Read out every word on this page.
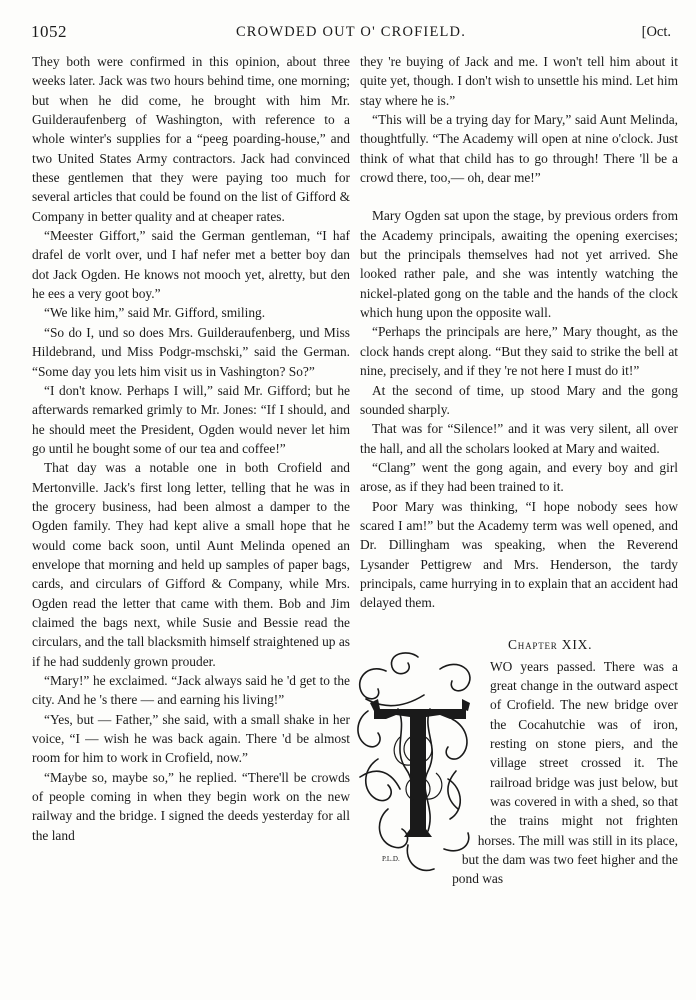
1052	CROWDED OUT O' CROFIELD.	[Oct.

They both were confirmed in this opinion, about three weeks later. Jack was two hours behind time, one morning; but when he did come, he brought with him Mr. Guilderaufenberg of Washington, with reference to a whole winter's supplies for a “peeg poarding-house,” and two United States Army contractors. Jack had convinced these gentlemen that they were paying too much for several articles that could be found on the list of Gifford & Company in better quality and at cheaper rates.

“Meester Giffort,” said the German gentleman, “I haf drafel de vorlt over, und I haf nefer met a better boy dan dot Jack Ogden. He knows not mooch yet, alretty, but den he ees a very goot boy.”

“We like him,” said Mr. Gifford, smiling.

“So do I, und so does Mrs. Guilderaufenberg, und Miss Hildebrand, und Miss Podgr-mschski,” said the German. “Some day you lets him visit us in Vashington? So?”

“I don't know. Perhaps I will,” said Mr. Gifford; but he afterwards remarked grimly to Mr. Jones: “If I should, and he should meet the President, Ogden would never let him go until he bought some of our tea and coffee!”

That day was a notable one in both Crofield and Mertonville. Jack's first long letter, telling that he was in the grocery business, had been almost a damper to the Ogden family. They had kept alive a small hope that he would come back soon, until Aunt Melinda opened an envelope that morning and held up samples of paper bags, cards, and circulars of Gifford & Company, while Mrs. Ogden read the letter that came with them. Bob and Jim claimed the bags next, while Susie and Bessie read the circulars, and the tall blacksmith himself straightened up as if he had suddenly grown prouder.

“Mary!” he exclaimed. “Jack always said he 'd get to the city. And he 's there — and earning his living!”

“Yes, but — Father,” she said, with a small shake in her voice, “I — wish he was back again. There 'd be almost room for him to work in Crofield, now.”

“Maybe so, maybe so,” he replied. “There'll be crowds of people coming in when they begin work on the new railway and the bridge. I signed the deeds yesterday for all the land

they 're buying of Jack and me. I won't tell him about it quite yet, though. I don't wish to unsettle his mind. Let him stay where he is.”

“This will be a trying day for Mary,” said Aunt Melinda, thoughtfully. “The Academy will open at nine o'clock. Just think of what that child has to go through! There 'll be a crowd there, too,— oh, dear me!”

Mary Ogden sat upon the stage, by previous orders from the Academy principals, awaiting the opening exercises; but the principals themselves had not yet arrived. She looked rather pale, and she was intently watching the nickel-plated gong on the table and the hands of the clock which hung upon the opposite wall.

“Perhaps the principals are here,” Mary thought, as the clock hands crept along. “But they said to strike the bell at nine, precisely, and if they 're not here I must do it!”

At the second of time, up stood Mary and the gong sounded sharply.

That was for “Silence!” and it was very silent, all over the hall, and all the scholars looked at Mary and waited.

“Clang” went the gong again, and every boy and girl arose, as if they had been trained to it.

Poor Mary was thinking, “I hope nobody sees how scared I am!” but the Academy term was well opened, and Dr. Dillingham was speaking, when the Reverend Lysander Pettigrew and Mrs. Henderson, the tardy principals, came hurrying in to explain that an accident had delayed them.

Chapter XIX.
P.L.D.

WO years passed. There was a great change in the outward aspect of Crofield. The new bridge over the Cocahutchie was of iron, resting on stone piers, and the village street crossed it. The railroad bridge was just below, but was covered in with a shed, so that the trains might not frighten horses. The mill was still in its place, but the dam was two feet higher and the pond was
